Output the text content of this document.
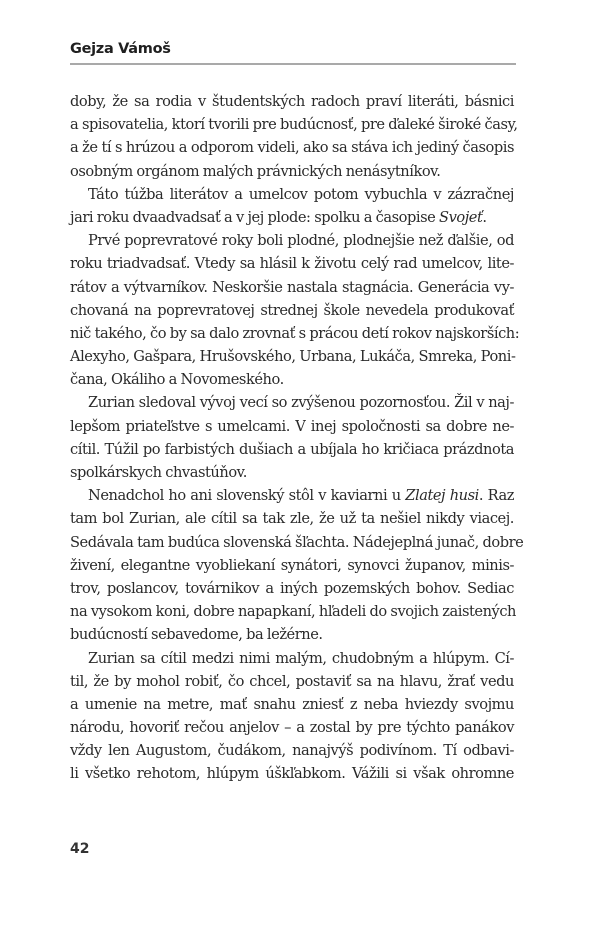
Gejza Vámoš
doby, že sa rodia v študentských radoch praví literáti, básnici
a spisovatelia, ktorí tvorili pre budúcnosť, pre ďaleké široké časy,
a že tí s hrúzou a odporom videli, ako sa stáva ich jediný časopis
osobným orgánom malých právnických nenásytníkov.
Táto túžba literátov a umelcov potom vybuchla v zázračnej
jari roku dvaadvadsať a v jej plode: spolku a časopise Svojeť.
Prvé poprevratové roky boli plodné, plodnejšie než ďalšie, od
roku triadvadsať. Vtedy sa hlásil k životu celý rad umelcov, lite-
rátov a výtvarníkov. Neskoršie nastala stagnácia. Generácia vy-
chovaná na poprevratovej strednej škole nevedela produkovať
nič takého, čo by sa dalo zrovnať s prácou detí rokov najskorších:
Alexyho, Gašpara, Hrušovského, Urbana, Lukáča, Smreka, Poni-
čana, Okáliho a Novomeského.
Zurian sledoval vývoj vecí so zvýšenou pozornosťou. Žil v naj-
lepšom priateľstve s umelcami. V inej spoločnosti sa dobre ne-
cítil. Túžil po farbistých dušiach a ubíjala ho kričiaca prázdnota
spolkárskych chvastúňov.
Nenadchol ho ani slovenský stôl v kaviarni u Zlatej husi. Raz
tam bol Zurian, ale cítil sa tak zle, že už ta nešiel nikdy viacej.
Sedávala tam budúca slovenská šľachta. Nádejeplná junač, dobre
živení, elegantne vyobliekaní synátori, synovci županov, minis-
trov, poslancov, továrnikov a iných pozemských bohov. Sediac
na vysokom koni, dobre napapkaní, hľadeli do svojich zaistených
budúcností sebavedome, ba ležérne.
Zurian sa cítil medzi nimi malým, chudobným a hlúpym. Cí-
til, že by mohol robiť, čo chcel, postaviť sa na hlavu, žrať vedu
a umenie na metre, mať snahu zniesť z neba hviezdy svojmu
národu, hovoriť rečou anjelov – a zostal by pre týchto panákov
vždy len Augustom, čudákom, nanajvýš podivínom. Tí odbavi-
li všetko rehotom, hlúpym úškľabkom. Vážili si však ohromne
42
